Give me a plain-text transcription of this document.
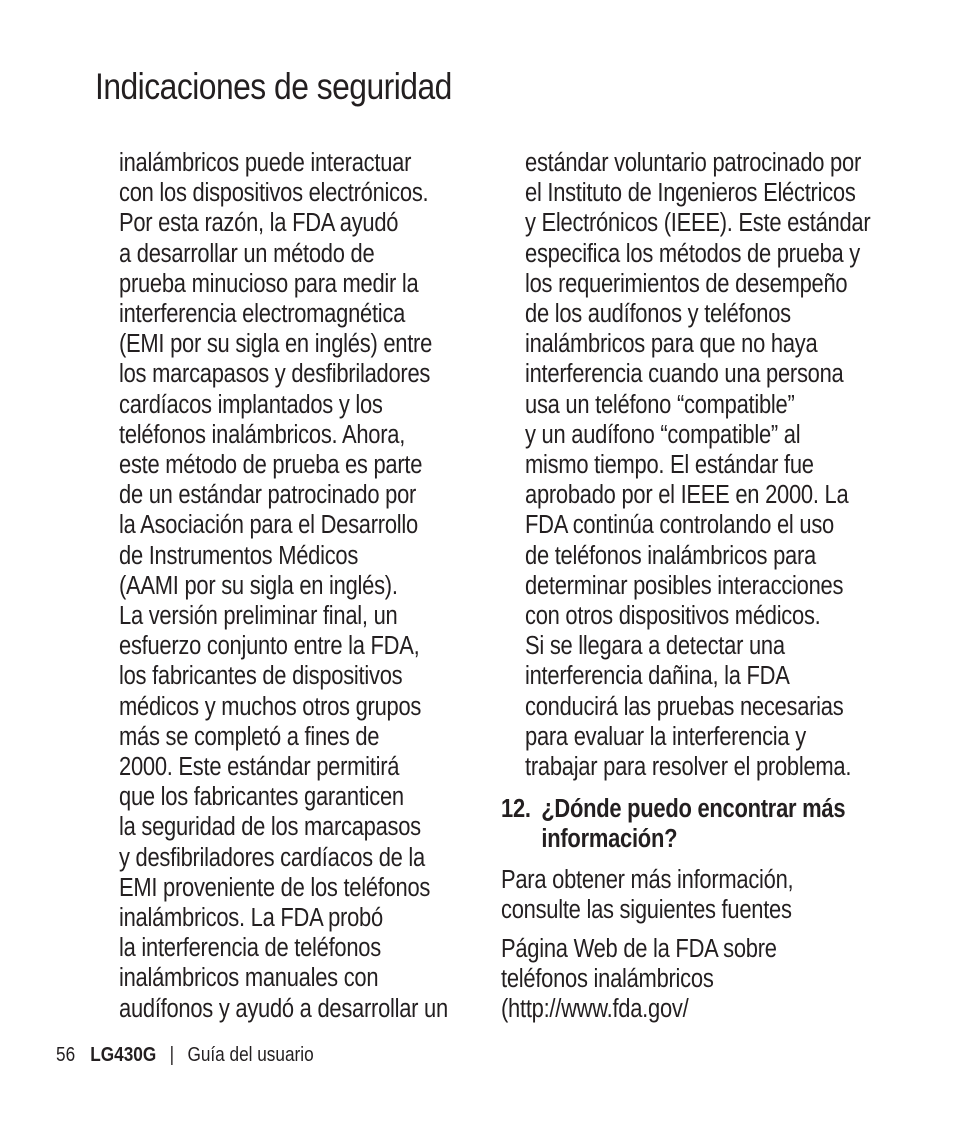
Indicaciones de seguridad
inalámbricos puede interactuar
con los dispositivos electrónicos.
Por esta razón, la FDA ayudó
a desarrollar un método de
prueba minucioso para medir la
interferencia electromagnética
(EMI por su sigla en inglés) entre
los marcapasos y desfibriladores
cardíacos implantados y los
teléfonos inalámbricos. Ahora,
este método de prueba es parte
de un estándar patrocinado por
la Asociación para el Desarrollo
de Instrumentos Médicos
(AAMI por su sigla en inglés).
La versión preliminar final, un
esfuerzo conjunto entre la FDA,
los fabricantes de dispositivos
médicos y muchos otros grupos
más se completó a fines de
2000. Este estándar permitirá
que los fabricantes garanticen
la seguridad de los marcapasos
y desfibriladores cardíacos de la
EMI proveniente de los teléfonos
inalámbricos. La FDA probó
la interferencia de teléfonos
inalámbricos manuales con
audífonos y ayudó a desarrollar un
estándar voluntario patrocinado por
el Instituto de Ingenieros Eléctricos
y Electrónicos (IEEE). Este estándar
especifica los métodos de prueba y
los requerimientos de desempeño
de los audífonos y teléfonos
inalámbricos para que no haya
interferencia cuando una persona
usa un teléfono “compatible”
y un audífono “compatible” al
mismo tiempo. El estándar fue
aprobado por el IEEE en 2000. La
FDA continúa controlando el uso
de teléfonos inalámbricos para
determinar posibles interacciones
con otros dispositivos médicos.
Si se llegara a detectar una
interferencia dañina, la FDA
conducirá las pruebas necesarias
para evaluar la interferencia y
trabajar para resolver el problema.
12. ¿Dónde puedo encontrar más
información?
Para obtener más información,
consulte las siguientes fuentes
Página Web de la FDA sobre
teléfonos inalámbricos
(http://www.fda.gov/
56 LG430G | Guía del usuario
